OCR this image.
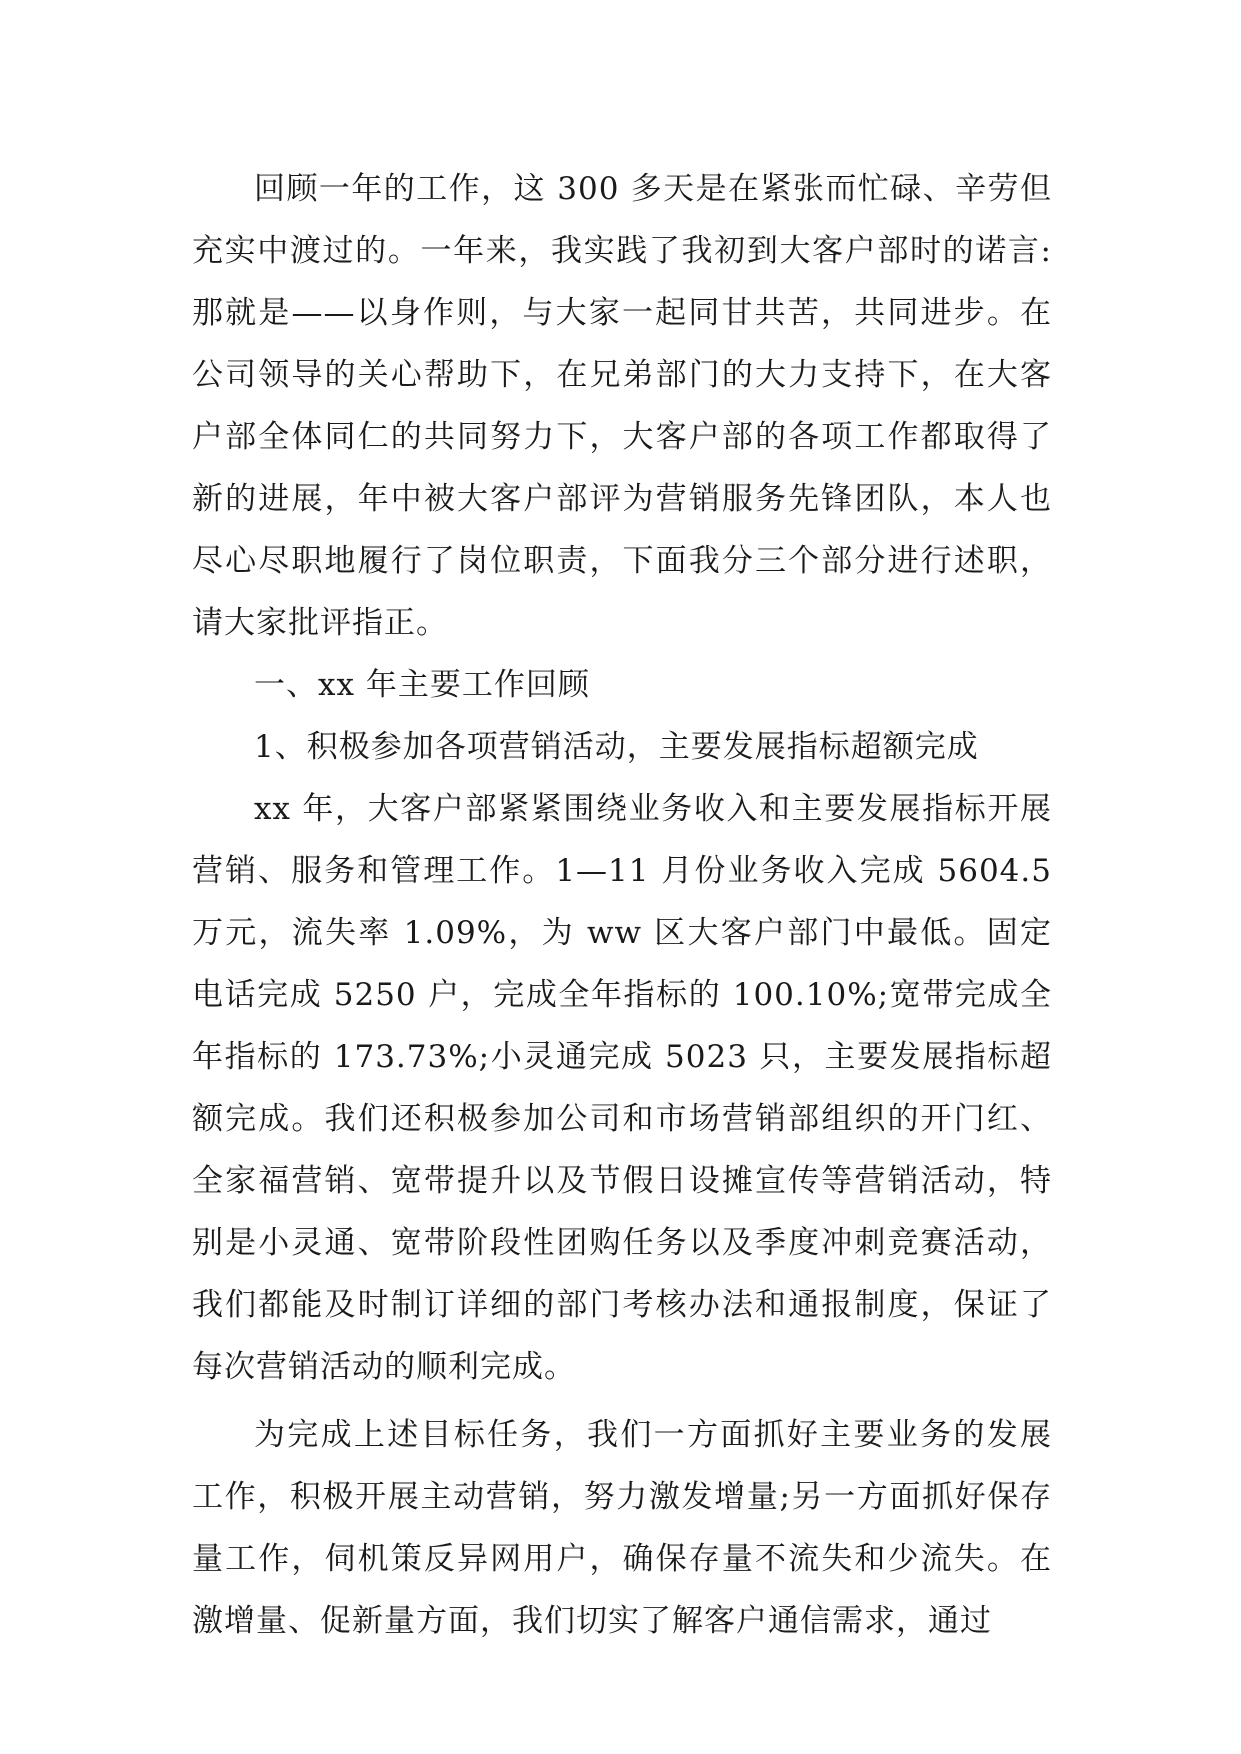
回顾一年的工作，这 300 多天是在紧张而忙碌、辛劳但充实中渡过的。一年来，我实践了我初到大客户部时的诺言:那就是——以身作则，与大家一起同甘共苦，共同进步。在公司领导的关心帮助下，在兄弟部门的大力支持下，在大客户部全体同仁的共同努力下，大客户部的各项工作都取得了新的进展，年中被大客户部评为营销服务先锋团队，本人也尽心尽职地履行了岗位职责，下面我分三个部分进行述职，请大家批评指正。

一、xx 年主要工作回顾

1、积极参加各项营销活动，主要发展指标超额完成

xx 年，大客户部紧紧围绕业务收入和主要发展指标开展营销、服务和管理工作。1—11 月份业务收入完成 5604.5 万元，流失率 1.09%，为 ww 区大客户部门中最低。固定电话完成 5250 户，完成全年指标的 100.10%;宽带完成全年指标的 173.73%;小灵通完成 5023 只，主要发展指标超额完成。我们还积极参加公司和市场营销部组织的开门红、全家福营销、宽带提升以及节假日设摊宣传等营销活动，特别是小灵通、宽带阶段性团购任务以及季度冲刺竞赛活动，我们都能及时制订详细的部门考核办法和通报制度，保证了每次营销活动的顺利完成。

为完成上述目标任务，我们一方面抓好主要业务的发展工作，积极开展主动营销，努力激发增量;另一方面抓好保存量工作，伺机策反异网用户，确保存量不流失和少流失。在激增量、促新量方面，我们切实了解客户通信需求，通过
